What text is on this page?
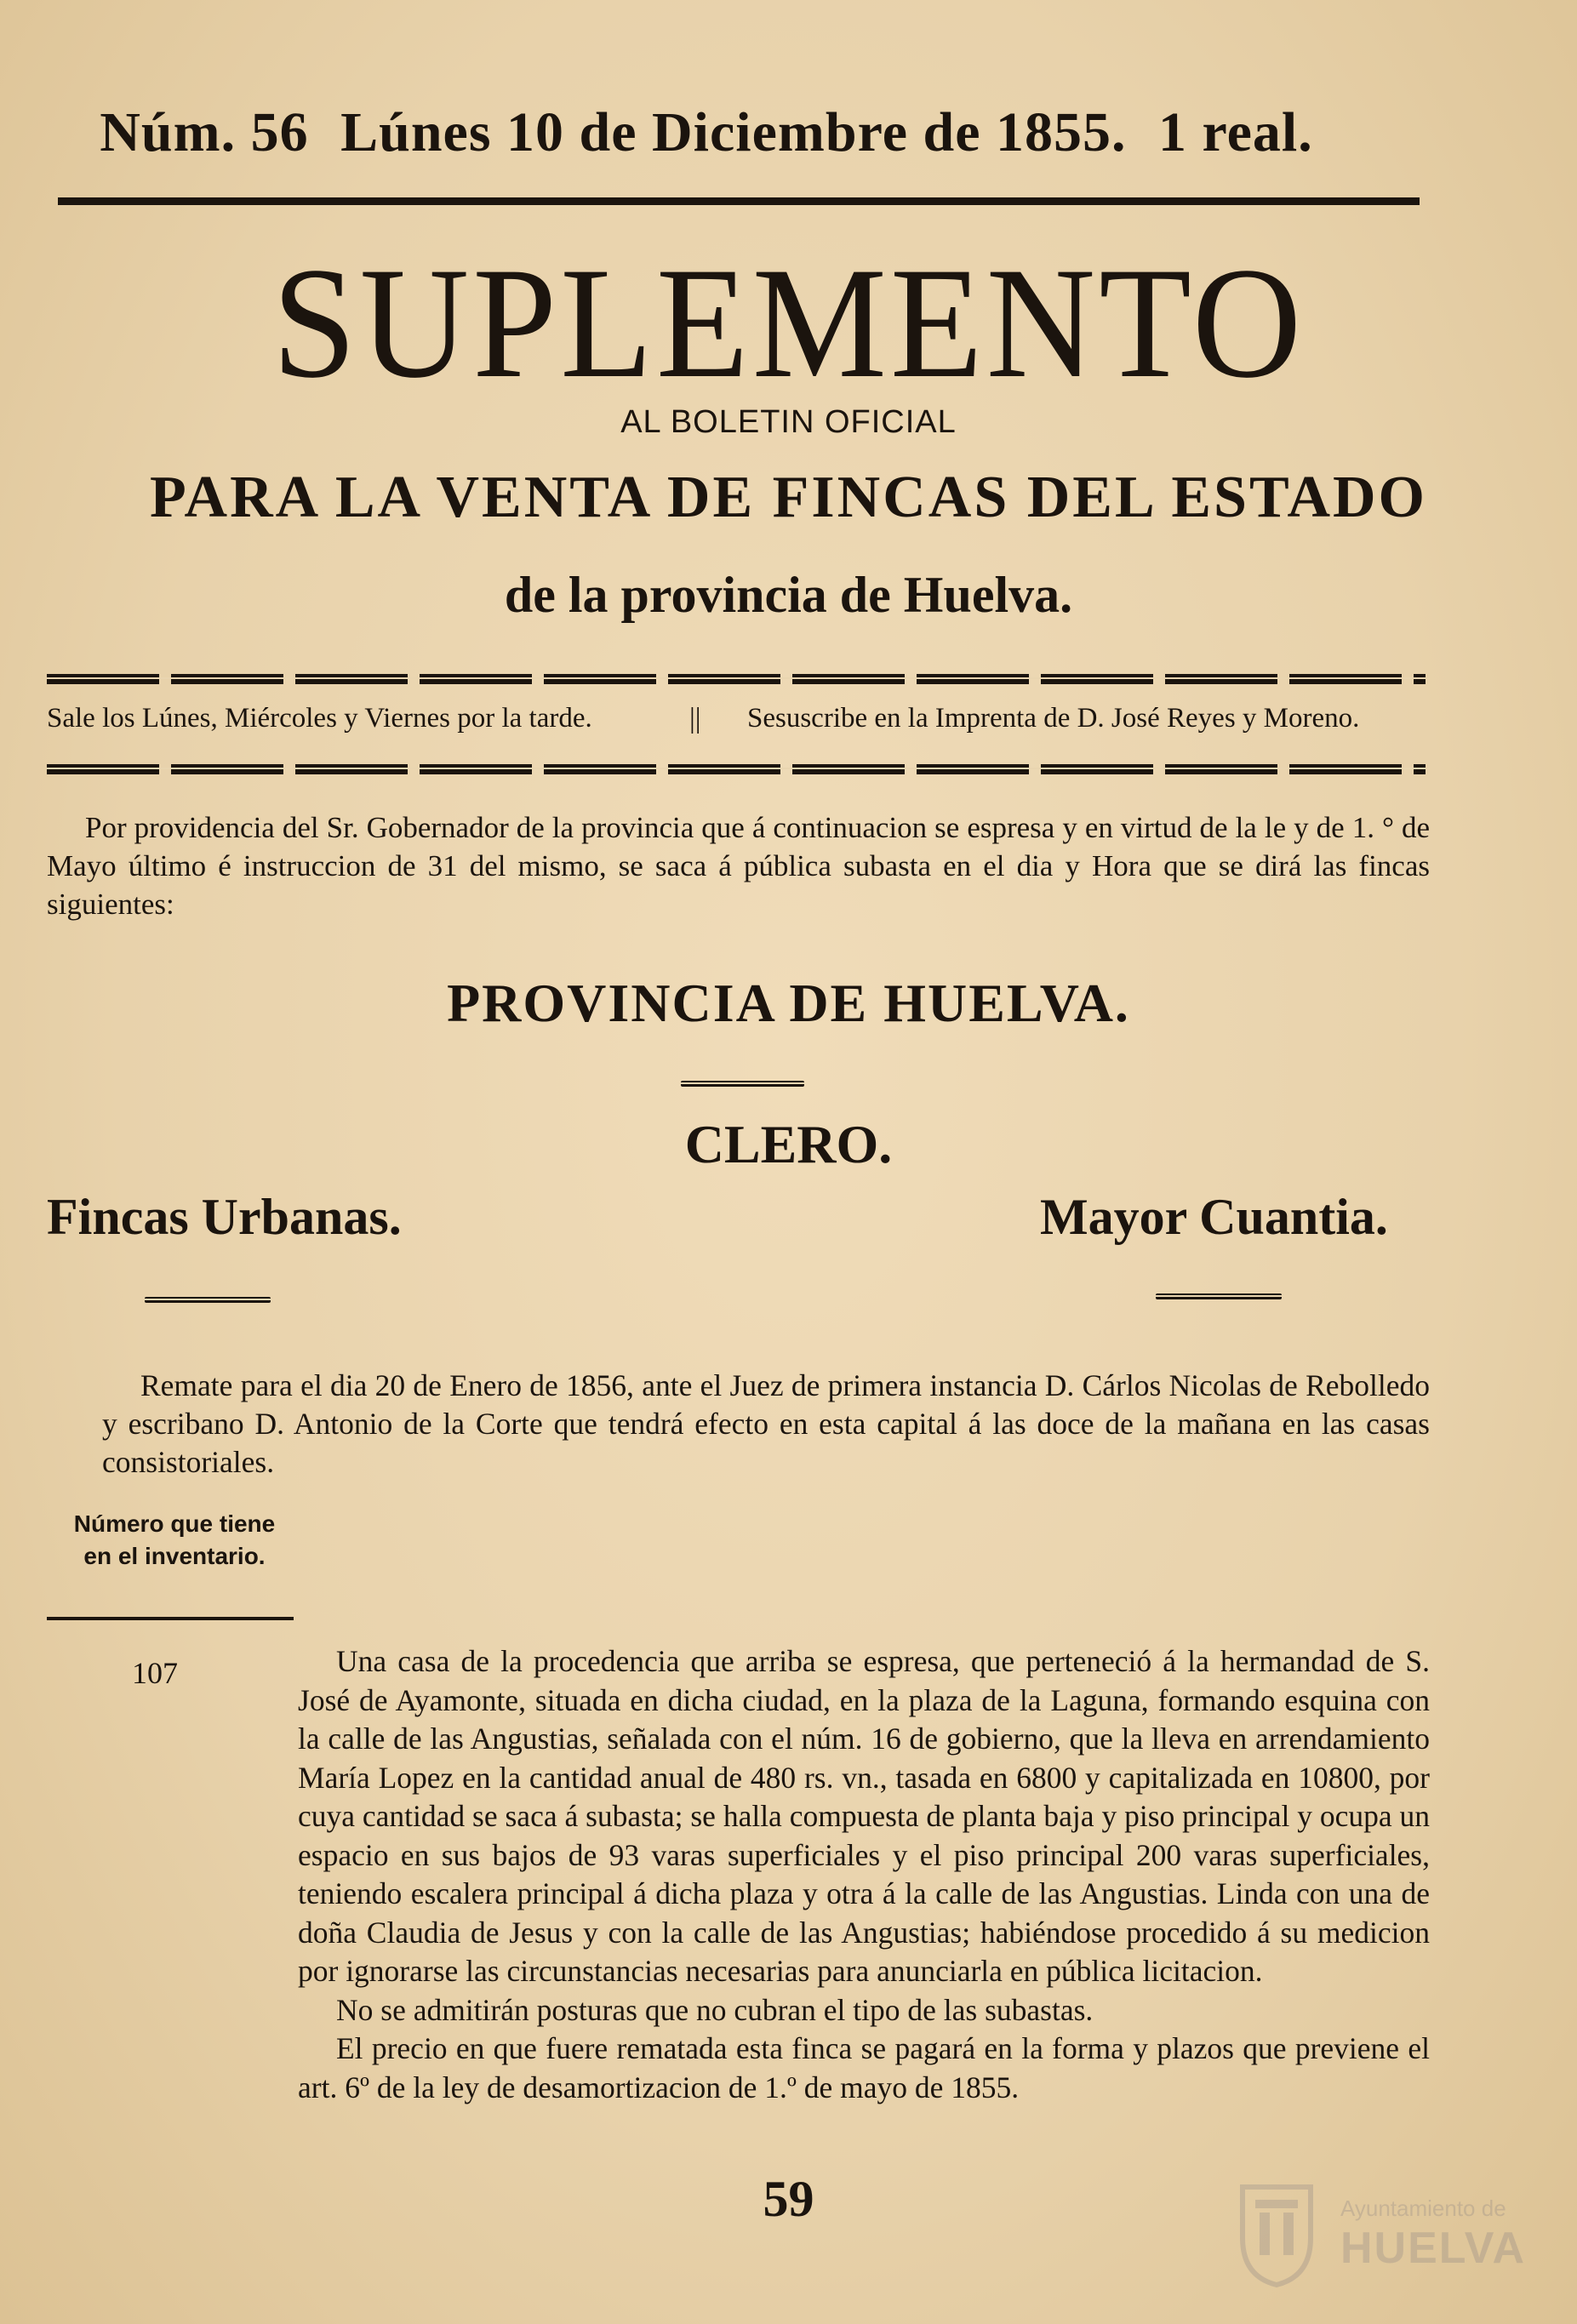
Núm. 56 Lúnes 10 de Diciembre de 1855. 1 real.
SUPLEMENTO
AL BOLETIN OFICIAL
PARA LA VENTA DE FINCAS DEL ESTADO
de la provincia de Huelva.
Sale los Lúnes, Miércoles y Viernes por la tarde.	|| Sesuscribe en la Imprenta de D. José Reyes y Moreno.
Por providencia del Sr. Gobernador de la provincia que á continuacion se espresa y en virtud de la le y de 1. ° de Mayo último é instruccion de 31 del mismo, se saca á pública subasta en el dia y Hora que se dirá las fincas siguientes:
PROVINCIA DE HUELVA.
CLERO.
Fincas Urbanas.	Mayor Cuantia.
Remate para el dia 20 de Enero de 1856, ante el Juez de primera instancia D. Cárlos Nicolas de Rebolledo y escribano D. Antonio de la Corte que tendrá efecto en esta capital á las doce de la mañana en las casas consistoriales.
Número que tiene en el inventario.
107	Una casa de la procedencia que arriba se espresa, que perteneció á la hermandad de S. José de Ayamonte, situada en dicha ciudad, en la plaza de la Laguna, formando esquina con la calle de las Angustias, señalada con el núm. 16 de gobierno, que la lleva en arrendamiento María Lopez en la cantidad anual de 480 rs. vn., tasada en 6800 y capitalizada en 10800, por cuya cantidad se saca á subasta; se halla compuesta de planta baja y piso principal y ocupa un espacio en sus bajos de 93 varas superficiales y el piso principal 200 varas superficiales, teniendo escalera principal á dicha plaza y otra á la calle de las Angustias. Linda con una de doña Claudia de Jesus y con la calle de las Angustias; habiéndose procedido á su medicion por ignorarse las circunstancias necesarias para anunciarla en pública licitacion.

No se admitirán posturas que no cubran el tipo de las subastas.

El precio en que fuere rematada esta finca se pagará en la forma y plazos que previene el art. 6º de la ley de desamortizacion de 1.º de mayo de 1855.

59	Ayuntamiento de
HUELVA
